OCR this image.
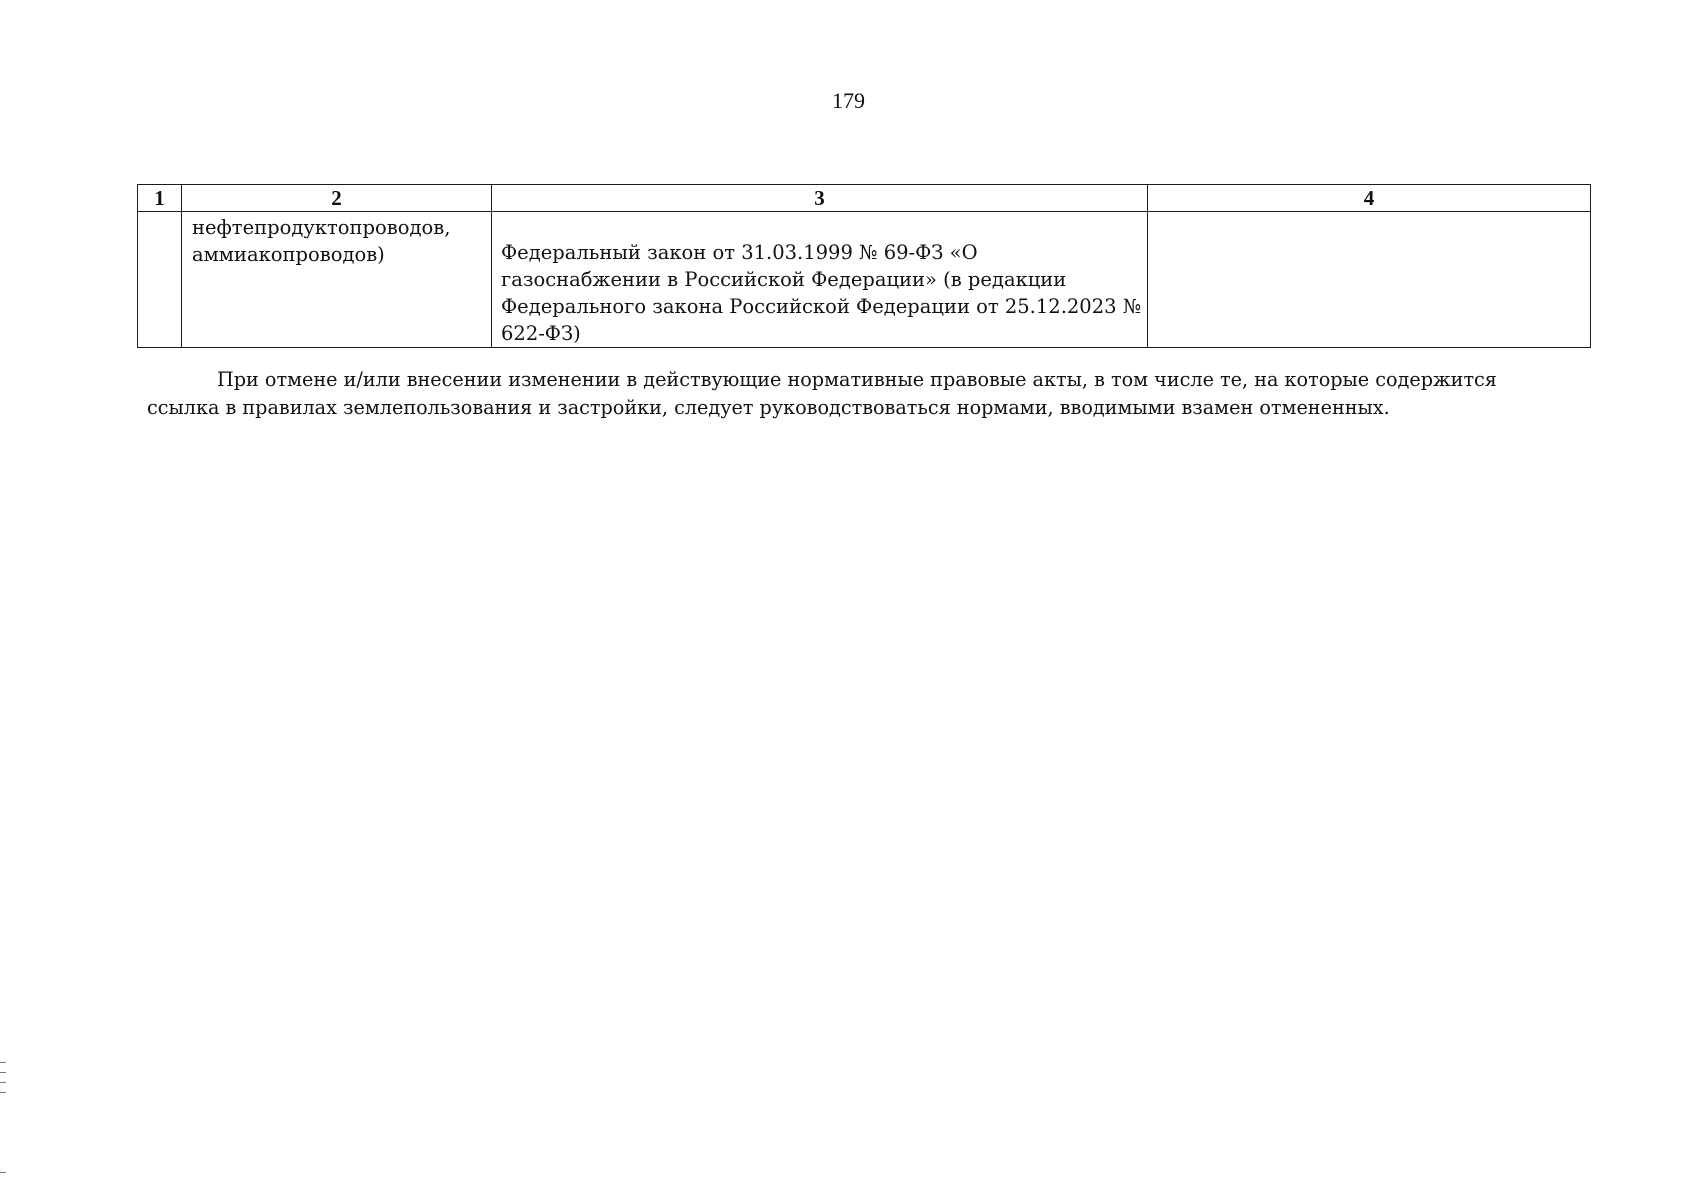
179
1	2	3	4

	нефтепродуктопроводов, аммиакопроводов)	Федеральный закон от 31.03.1999 № 69-ФЗ «О газоснабжении в Российской Федерации» (в редакции Федерального закона Российской Федерации от 25.12.2023 № 622-ФЗ)	

При отмене и/или внесении изменении в действующие нормативные правовые акты, в том числе те, на которые содержится ссылка в правилах землепользования и застройки, следует руководствоваться нормами, вводимыми взамен отмененных.
